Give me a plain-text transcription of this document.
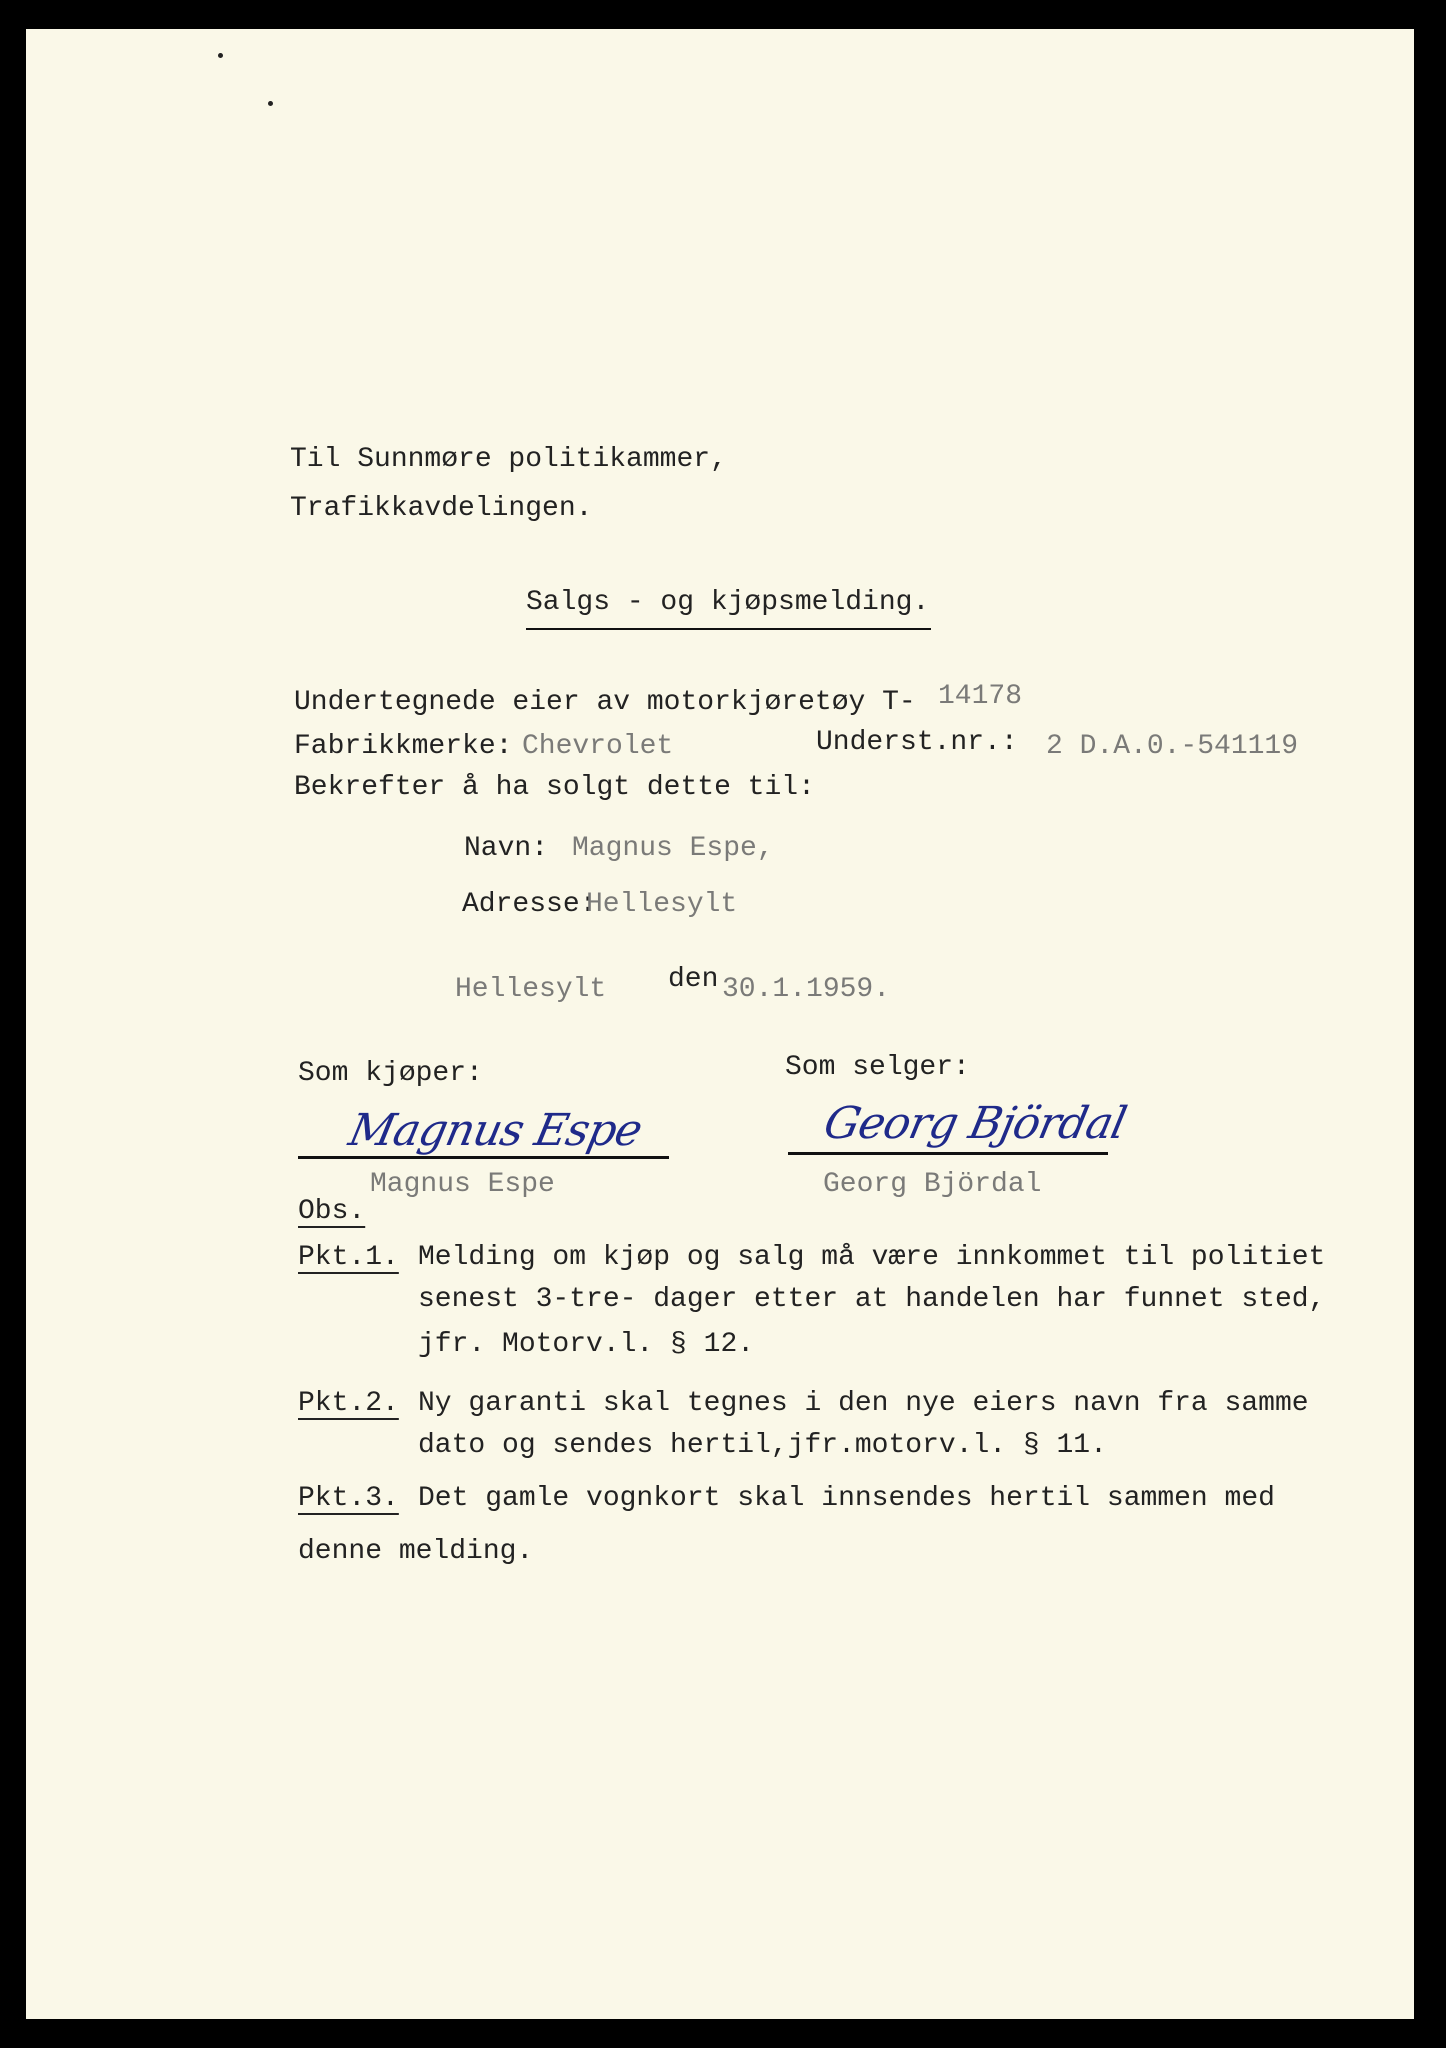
Til Sunnmøre politikammer,
Trafikkavdelingen.
Salgs - og kjøpsmelding.
Undertegnede eier av motorkjøretøy T- 14178
Fabrikkmerke: Chevrolet	Underst.nr.: 2 D.A.0.-541119
Bekrefter å ha solgt dette til:
Navn: Magnus Espe,
Adresse:
Hellesylt
Hellesylt den 30.1.1959.
Som kjøper:	Som selger:
Magnus Espe	Georg Björdal
Magnus Espe	Georg Björdal
Obs.
Pkt.1. Melding om kjøp og salg må være innkommet til politiet
senest 3-tre- dager etter at handelen har funnet sted,
jfr. Motorv.l. § 12.
Pkt.2. Ny garanti skal tegnes i den nye eiers navn fra samme
dato og sendes hertil,jfr.motorv.l. § 11.
Pkt.3. Det gamle vognkort skal innsendes hertil sammen med
denne melding.
